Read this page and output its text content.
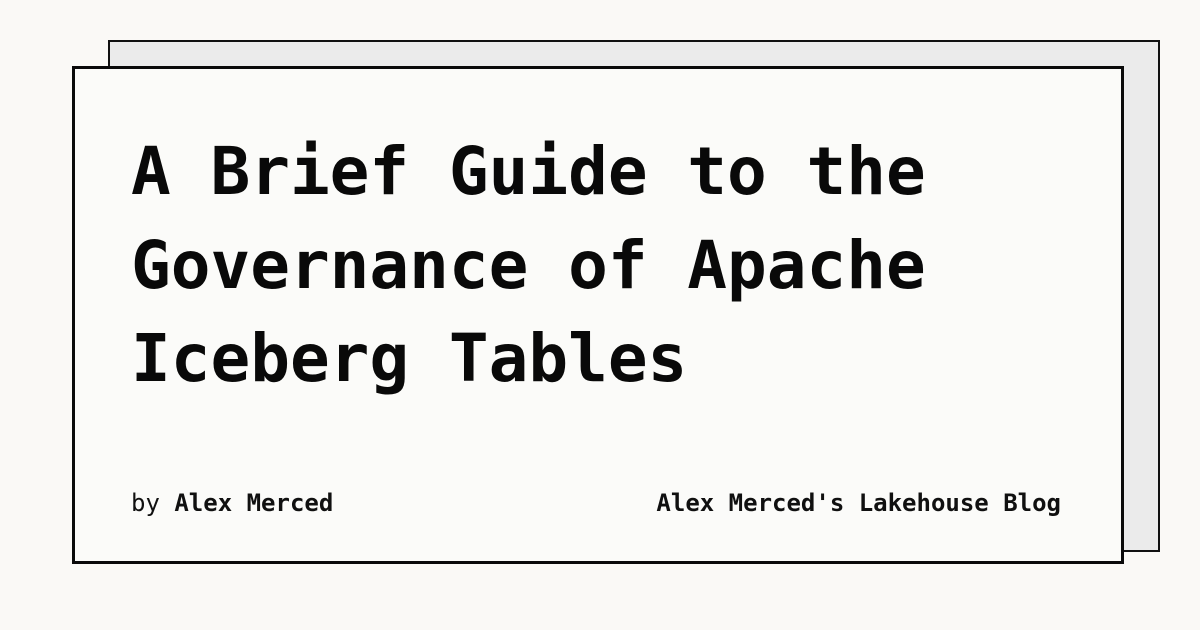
A Brief Guide to the Governance of Apache Iceberg Tables
by Alex Merced	Alex Merced's Lakehouse Blog
